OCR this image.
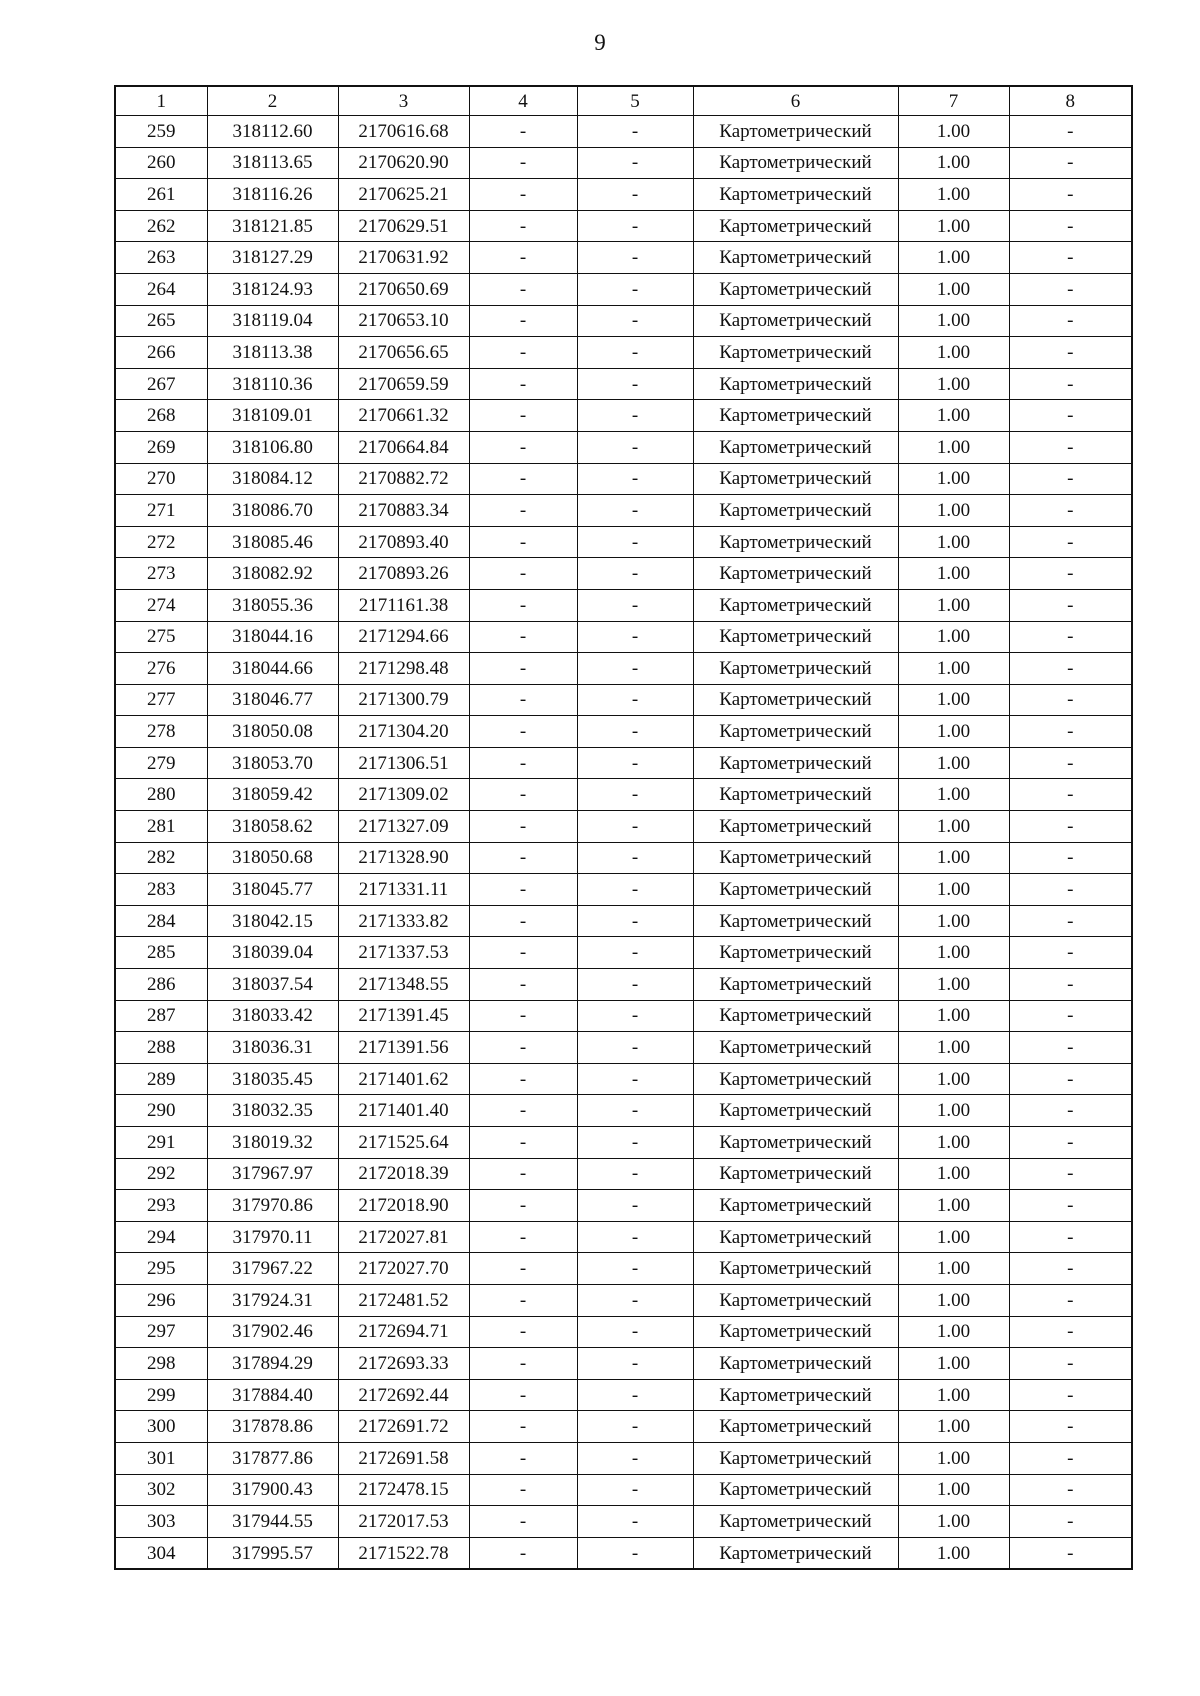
9
1	2	3	4	5	6	7	8
259	318112.60	2170616.68	-	-	Картометрический	1.00	-
260	318113.65	2170620.90	-	-	Картометрический	1.00	-
261	318116.26	2170625.21	-	-	Картометрический	1.00	-
262	318121.85	2170629.51	-	-	Картометрический	1.00	-
263	318127.29	2170631.92	-	-	Картометрический	1.00	-
264	318124.93	2170650.69	-	-	Картометрический	1.00	-
265	318119.04	2170653.10	-	-	Картометрический	1.00	-
266	318113.38	2170656.65	-	-	Картометрический	1.00	-
267	318110.36	2170659.59	-	-	Картометрический	1.00	-
268	318109.01	2170661.32	-	-	Картометрический	1.00	-
269	318106.80	2170664.84	-	-	Картометрический	1.00	-
270	318084.12	2170882.72	-	-	Картометрический	1.00	-
271	318086.70	2170883.34	-	-	Картометрический	1.00	-
272	318085.46	2170893.40	-	-	Картометрический	1.00	-
273	318082.92	2170893.26	-	-	Картометрический	1.00	-
274	318055.36	2171161.38	-	-	Картометрический	1.00	-
275	318044.16	2171294.66	-	-	Картометрический	1.00	-
276	318044.66	2171298.48	-	-	Картометрический	1.00	-
277	318046.77	2171300.79	-	-	Картометрический	1.00	-
278	318050.08	2171304.20	-	-	Картометрический	1.00	-
279	318053.70	2171306.51	-	-	Картометрический	1.00	-
280	318059.42	2171309.02	-	-	Картометрический	1.00	-
281	318058.62	2171327.09	-	-	Картометрический	1.00	-
282	318050.68	2171328.90	-	-	Картометрический	1.00	-
283	318045.77	2171331.11	-	-	Картометрический	1.00	-
284	318042.15	2171333.82	-	-	Картометрический	1.00	-
285	318039.04	2171337.53	-	-	Картометрический	1.00	-
286	318037.54	2171348.55	-	-	Картометрический	1.00	-
287	318033.42	2171391.45	-	-	Картометрический	1.00	-
288	318036.31	2171391.56	-	-	Картометрический	1.00	-
289	318035.45	2171401.62	-	-	Картометрический	1.00	-
290	318032.35	2171401.40	-	-	Картометрический	1.00	-
291	318019.32	2171525.64	-	-	Картометрический	1.00	-
292	317967.97	2172018.39	-	-	Картометрический	1.00	-
293	317970.86	2172018.90	-	-	Картометрический	1.00	-
294	317970.11	2172027.81	-	-	Картометрический	1.00	-
295	317967.22	2172027.70	-	-	Картометрический	1.00	-
296	317924.31	2172481.52	-	-	Картометрический	1.00	-
297	317902.46	2172694.71	-	-	Картометрический	1.00	-
298	317894.29	2172693.33	-	-	Картометрический	1.00	-
299	317884.40	2172692.44	-	-	Картометрический	1.00	-
300	317878.86	2172691.72	-	-	Картометрический	1.00	-
301	317877.86	2172691.58	-	-	Картометрический	1.00	-
302	317900.43	2172478.15	-	-	Картометрический	1.00	-
303	317944.55	2172017.53	-	-	Картометрический	1.00	-
304	317995.57	2171522.78	-	-	Картометрический	1.00	-
